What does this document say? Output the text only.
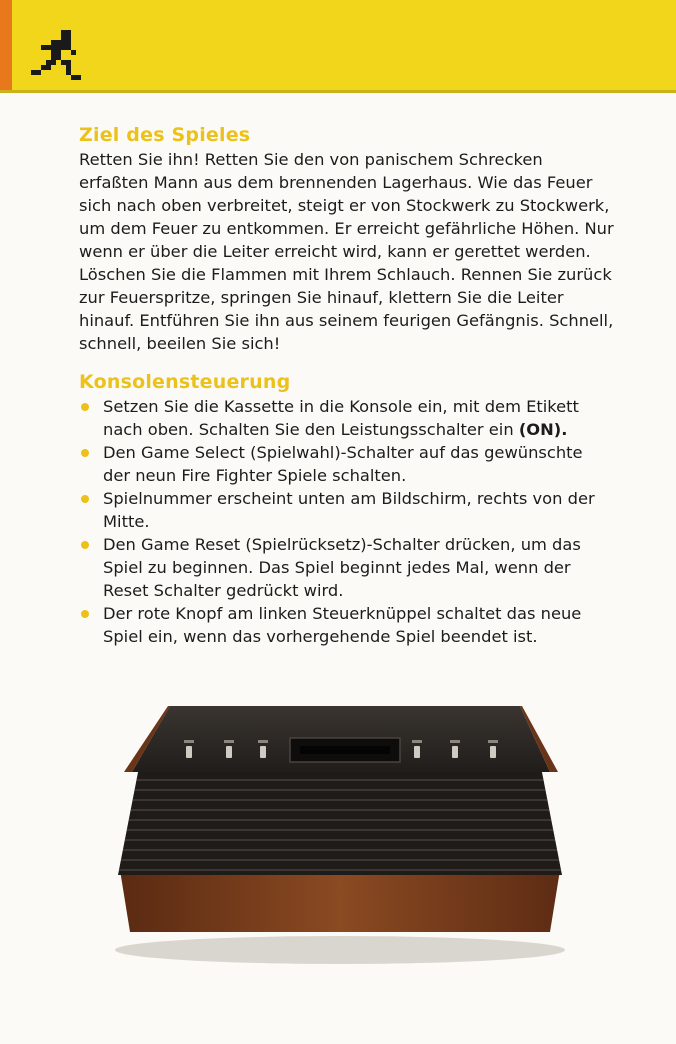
Ziel des Spieles

Retten Sie ihn! Retten Sie den von panischem Schrecken erfaßten Mann aus dem brennenden Lagerhaus. Wie das Feuer sich nach oben verbreitet, steigt er von Stockwerk zu Stockwerk, um dem Feuer zu entkommen. Er erreicht gefährliche Höhen. Nur wenn er über die Leiter erreicht wird, kann er gerettet werden. Löschen Sie die Flammen mit Ihrem Schlauch. Rennen Sie zurück zur Feuerspritze, springen Sie hinauf, klettern Sie die Leiter hinauf. Entführen Sie ihn aus seinem feurigen Gefängnis. Schnell, schnell, beeilen Sie sich!

Konsolensteuerung
Setzen Sie die Kassette in die Konsole ein, mit dem Etikett nach oben. Schalten Sie den Leistungsschalter ein (ON).
Den Game Select (Spielwahl)-Schalter auf das gewünschte der neun Fire Fighter Spiele schalten.
Spielnummer erscheint unten am Bildschirm, rechts von der Mitte.
Den Game Reset (Spielrücksetz)-Schalter drücken, um das Spiel zu beginnen. Das Spiel beginnt jedes Mal, wenn der Reset Schalter gedrückt wird.
Der rote Knopf am linken Steuerknüppel schaltet das neue Spiel ein, wenn das vorhergehende Spiel beendet ist.
